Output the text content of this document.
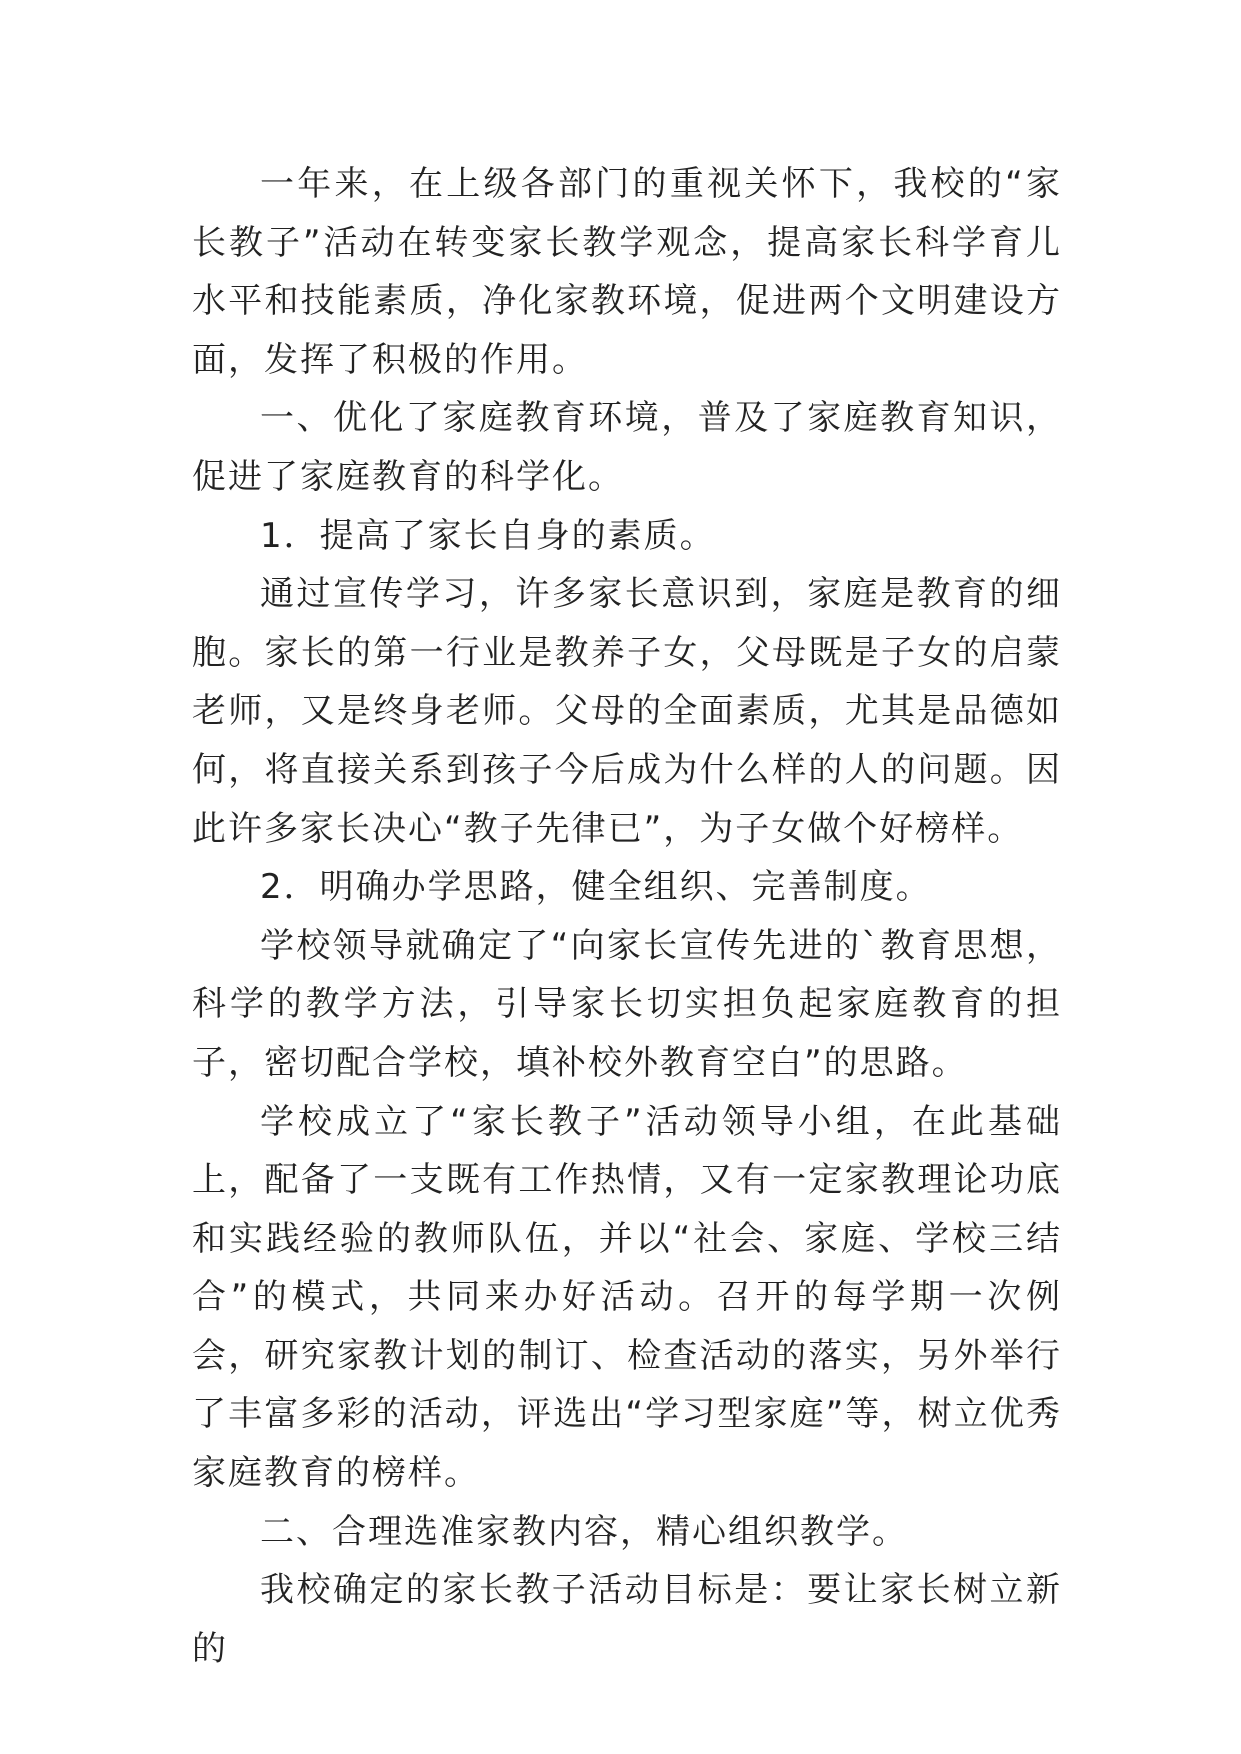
一年来，在上级各部门的重视关怀下，我校的“家长教子”活动在转变家长教学观念，提高家长科学育儿水平和技能素质，净化家教环境，促进两个文明建设方面，发挥了积极的作用。

一、优化了家庭教育环境，普及了家庭教育知识，促进了家庭教育的科学化。

1．提高了家长自身的素质。

通过宣传学习，许多家长意识到，家庭是教育的细胞。家长的第一行业是教养子女，父母既是子女的启蒙老师，又是终身老师。父母的全面素质，尤其是品德如何，将直接关系到孩子今后成为什么样的人的问题。因此许多家长决心“教子先律已”，为子女做个好榜样。

2．明确办学思路，健全组织、完善制度。

学校领导就确定了“向家长宣传先进的`教育思想，科学的教学方法，引导家长切实担负起家庭教育的担子，密切配合学校，填补校外教育空白”的思路。

学校成立了“家长教子”活动领导小组，在此基础上，配备了一支既有工作热情，又有一定家教理论功底和实践经验的教师队伍，并以“社会、家庭、学校三结合”的模式，共同来办好活动。召开的每学期一次例会，研究家教计划的制订、检查活动的落实，另外举行了丰富多彩的活动，评选出“学习型家庭”等，树立优秀家庭教育的榜样。

二、合理选准家教内容，精心组织教学。

我校确定的家长教子活动目标是：要让家长树立新的
